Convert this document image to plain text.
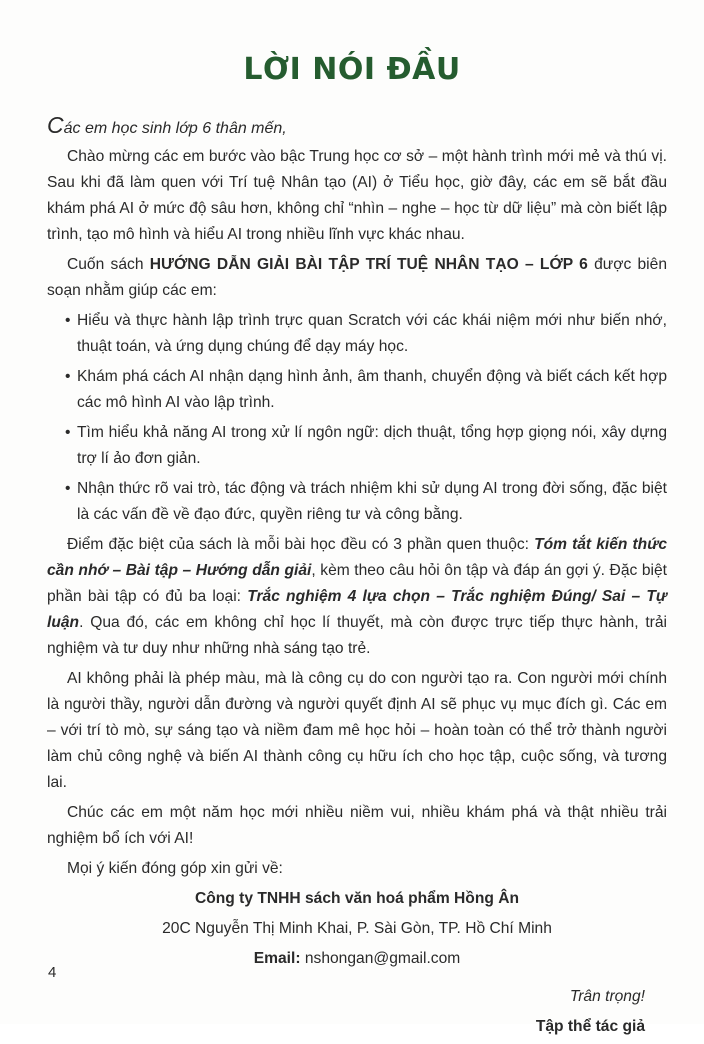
LỜI NÓI ĐẦU

Các em học sinh lớp 6 thân mến,

Chào mừng các em bước vào bậc Trung học cơ sở – một hành trình mới mẻ và thú vị. Sau khi đã làm quen với Trí tuệ Nhân tạo (AI) ở Tiểu học, giờ đây, các em sẽ bắt đầu khám phá AI ở mức độ sâu hơn, không chỉ “nhìn – nghe – học từ dữ liệu” mà còn biết lập trình, tạo mô hình và hiểu AI trong nhiều lĩnh vực khác nhau.

Cuốn sách HƯỚNG DẪN GIẢI BÀI TẬP TRÍ TUỆ NHÂN TẠO – LỚP 6 được biên soạn nhằm giúp các em:

• Hiểu và thực hành lập trình trực quan Scratch với các khái niệm mới như biến nhớ, thuật toán, và ứng dụng chúng để dạy máy học.
• Khám phá cách AI nhận dạng hình ảnh, âm thanh, chuyển động và biết cách kết hợp các mô hình AI vào lập trình.
• Tìm hiểu khả năng AI trong xử lí ngôn ngữ: dịch thuật, tổng hợp giọng nói, xây dựng trợ lí ảo đơn giản.
• Nhận thức rõ vai trò, tác động và trách nhiệm khi sử dụng AI trong đời sống, đặc biệt là các vấn đề về đạo đức, quyền riêng tư và công bằng.

Điểm đặc biệt của sách là mỗi bài học đều có 3 phần quen thuộc: Tóm tắt kiến thức cần nhớ – Bài tập – Hướng dẫn giải, kèm theo câu hỏi ôn tập và đáp án gợi ý. Đặc biệt phần bài tập có đủ ba loại: Trắc nghiệm 4 lựa chọn – Trắc nghiệm Đúng/ Sai – Tự luận. Qua đó, các em không chỉ học lí thuyết, mà còn được trực tiếp thực hành, trải nghiệm và tư duy như những nhà sáng tạo trẻ.

AI không phải là phép màu, mà là công cụ do con người tạo ra. Con người mới chính là người thầy, người dẫn đường và người quyết định AI sẽ phục vụ mục đích gì. Các em – với trí tò mò, sự sáng tạo và niềm đam mê học hỏi – hoàn toàn có thể trở thành người làm chủ công nghệ và biến AI thành công cụ hữu ích cho học tập, cuộc sống, và tương lai.

Chúc các em một năm học mới nhiều niềm vui, nhiều khám phá và thật nhiều trải nghiệm bổ ích với AI!

Mọi ý kiến đóng góp xin gửi về:

Công ty TNHH sách văn hoá phẩm Hồng Ân

20C Nguyễn Thị Minh Khai, P. Sài Gòn, TP. Hồ Chí Minh

Email: nshongan@gmail.com

Trân trọng!

Tập thể tác giả

4
